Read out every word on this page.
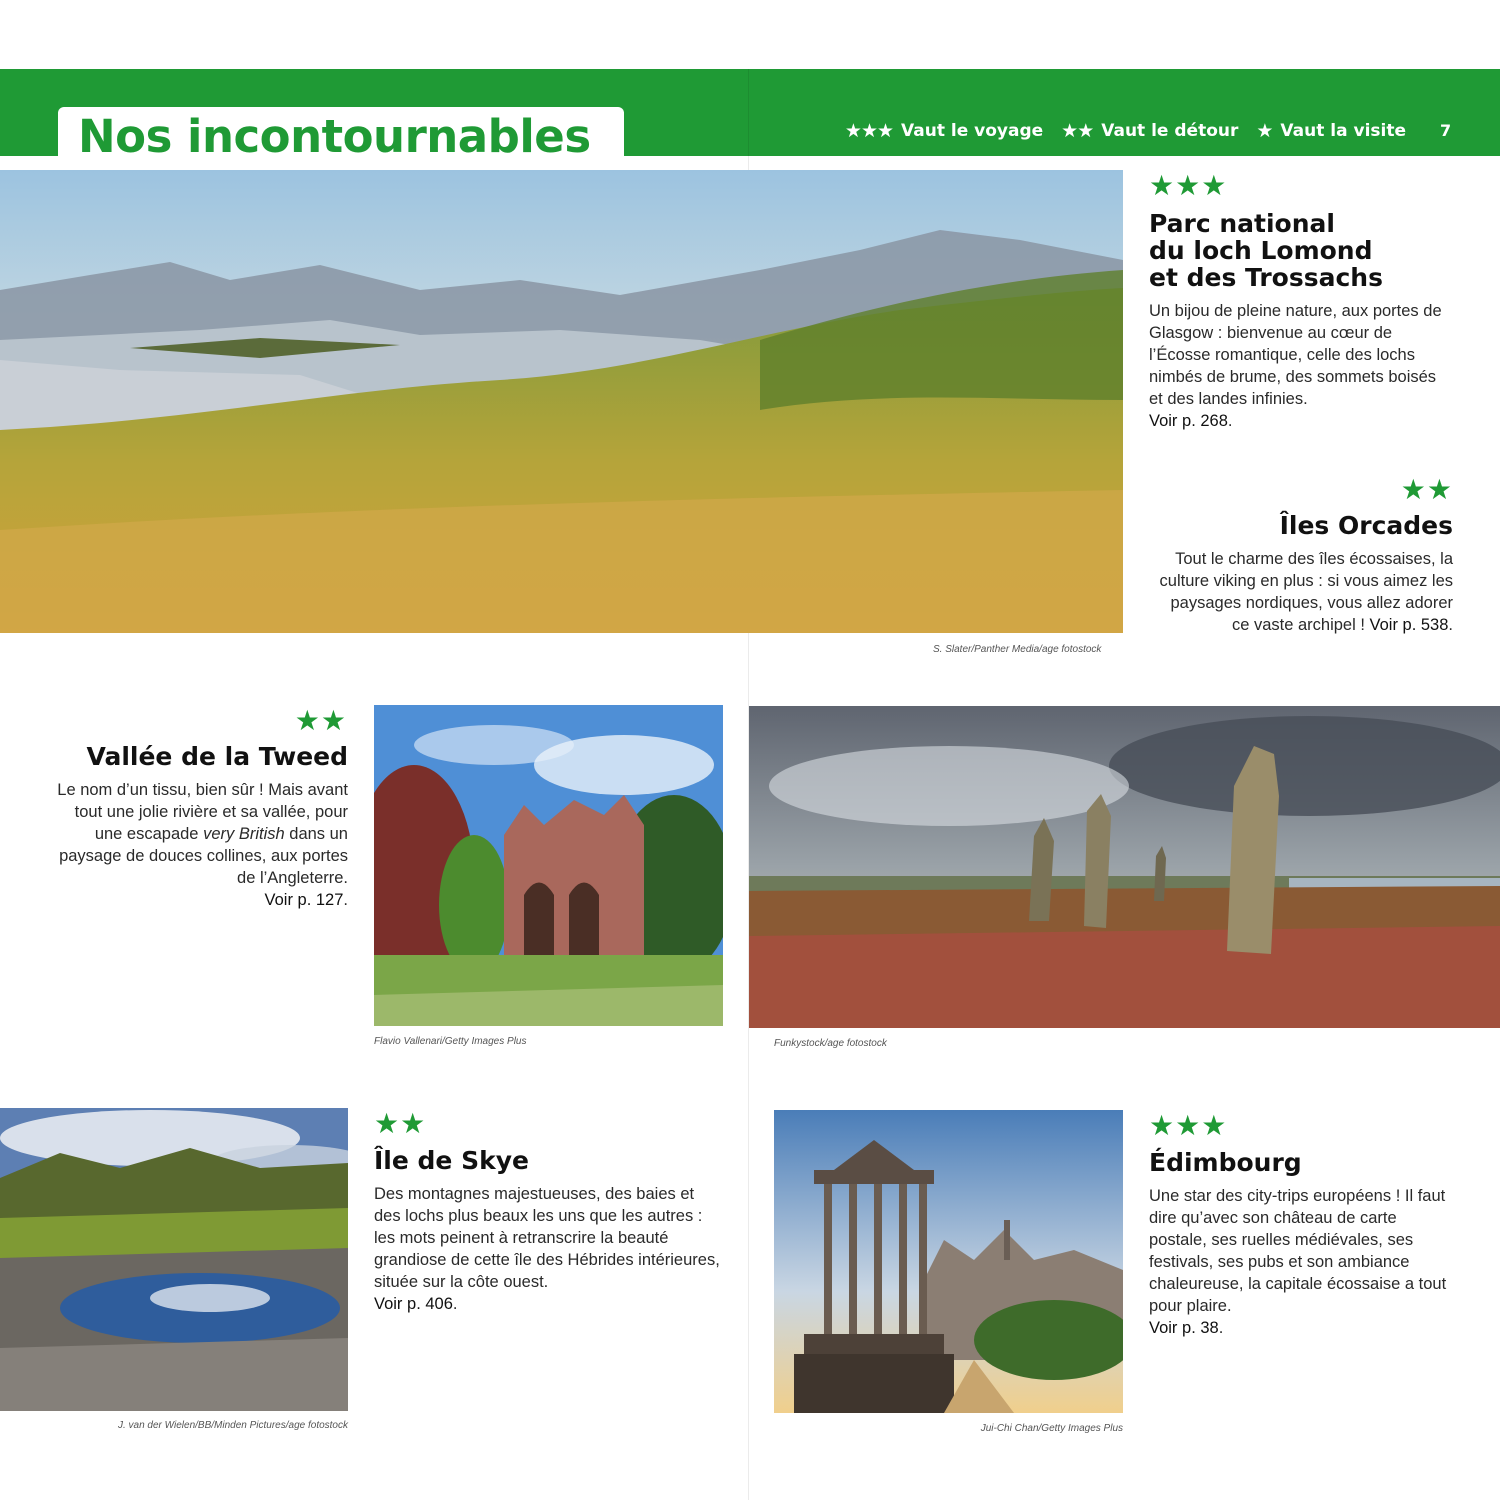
Nos incontournables	★★★ Vaut le voyage ★★ Vaut le détour ★ Vaut la visite 7
S. Slater/Panther Media/age fotostock
★★★
Parc national
du loch Lomond
et des Trossachs
Un bijou de pleine nature, aux portes de Glasgow : bienvenue au cœur de l’Écosse romantique, celle des lochs nimbés de brume, des sommets boisés et des landes infinies.
Voir p. 268.
★★
Îles Orcades
Tout le charme des îles écossaises, la culture viking en plus : si vous aimez les paysages nordiques, vous allez adorer ce vaste archipel ! Voir p. 538.
★★
Vallée de la Tweed
Le nom d’un tissu, bien sûr ! Mais avant tout une jolie rivière et sa vallée, pour une escapade very British dans un paysage de douces collines, aux portes de l’Angleterre.
Voir p. 127.
Flavio Vallenari/Getty Images Plus	Funkystock/age fotostock
J. van der Wielen/BB/Minden Pictures/age fotostock
★★
Île de Skye
Des montagnes majestueuses, des baies et des lochs plus beaux les uns que les autres : les mots peinent à retranscrire la beauté grandiose de cette île des Hébrides intérieures, située sur la côte ouest.
Voir p. 406.
Jui-Chi Chan/Getty Images Plus
★★★
Édimbourg
Une star des city-trips européens ! Il faut dire qu’avec son château de carte postale, ses ruelles médiévales, ses festivals, ses pubs et son ambiance chaleureuse, la capitale écossaise a tout pour plaire.
Voir p. 38.
